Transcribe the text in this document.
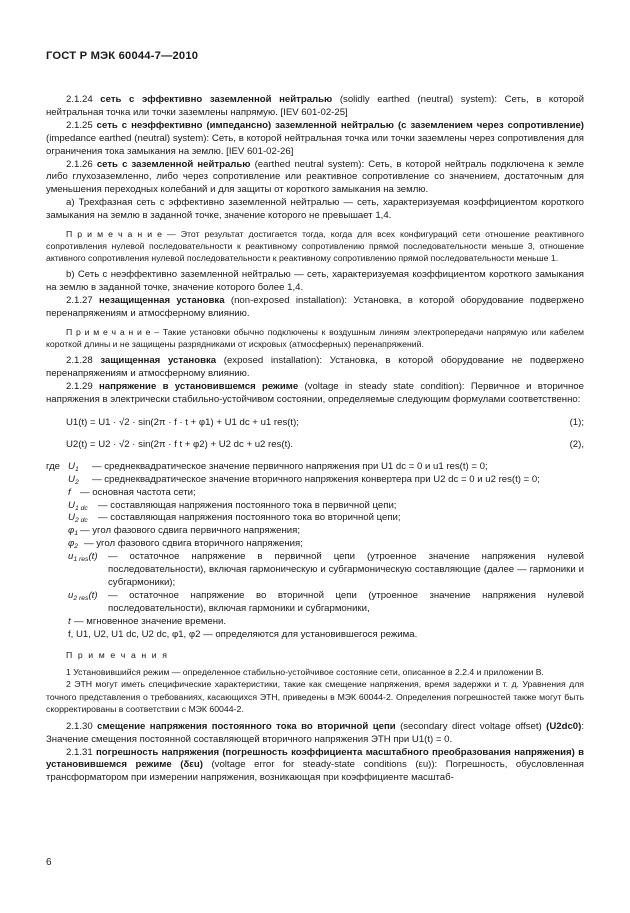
ГОСТ Р МЭК 60044-7—2010

2.1.24 сеть с эффективно заземленной нейтралью (solidly earthed (neutral) system): Сеть, в которой нейтральная точка или точки заземлены напрямую. [IEV 601-02-25]

2.1.25 сеть с неэффективно (импедансно) заземленной нейтралью (с заземлением через сопротивление) (impedance earthed (neutral) system): Сеть, в которой нейтральная точка или точки заземлены через сопротивления для ограничения тока замыкания на землю. [IEV 601-02-26]

2.1.26 сеть с заземленной нейтралью (earthed neutral system): Сеть, в которой нейтраль подключена к земле либо глухозаземленно, либо через сопротивление или реактивное сопротивление со значением, достаточным для уменьшения переходных колебаний и для защиты от короткого замыкания на землю.

a) Трехфазная сеть с эффективно заземленной нейтралью — сеть, характеризуемая коэффициентом короткого замыкания на землю в заданной точке, значение которого не превышает 1,4.

П р и м е ч а н и е — Этот результат достигается тогда, когда для всех конфигураций сети отношение реактивного сопротивления нулевой последовательности к реактивному сопротивлению прямой последовательности меньше 3, отношение активного сопротивления нулевой последовательности к реактивному сопротивлению прямой последовательности меньше 1.

b) Сеть с неэффективно заземленной нейтралью — сеть, характеризуемая коэффициентом короткого замыкания на землю в заданной точке, значение которого более 1,4.

2.1.27 незащищенная установка (non-exposed installation): Установка, в которой оборудование подвержено перенапряжениям и атмосферному влиянию.

П р и м е ч а н и е – Такие установки обычно подключены к воздушным линиям электропередачи напрямую или кабелем короткой длины и не защищены разрядниками от искровых (атмосферных) перенапряжений.

2.1.28 защищенная установка (exposed installation): Установка, в которой оборудование не подвержено перенапряжениям и атмосферному влиянию.

2.1.29 напряжение в установившемся режиме (voltage in steady state condition): Первичное и вторичное напряжения в электрически стабильно-устойчивом состоянии, определяемые следующим формулами соответственно:

U1(t) = U1 · √2 · sin(2π · f · t + φ1) + U1 dc + u1 res(t);	(1);
U2(t) = U2 · √2 · sin(2π · f t + φ2) + U2 dc + u2 res(t).	(2),
где $U_1$	— среднеквадратическое значение первичного напряжения при U1 dc = 0 и u1 res(t) = 0;
$U_2$	— среднеквадратическое значение вторичного напряжения конвертера при U2 dc = 0 и u2 res(t) = 0;
f — основная частота сети;
$U_{1 dc}$	— составляющая напряжения постоянного тока в первичной цепи;
$U_{2 dc}$	— составляющая напряжения постоянного тока во вторичной цепи;
$\varphi_1$ — угол фазового сдвига первичного напряжения;
$\varphi_2$ — угол фазового сдвига вторичного напряжения;
$u_{1 res}(t)$	— остаточное напряжение в первичной цепи (утроенное значение напряжения нулевой последовательности), включая гармоническую и субгармоническую составляющие (далее — гармоники и субгармоники);
$u_{2 res}(t)$	— остаточное напряжение во вторичной цепи (утроенное значение напряжения нулевой последовательности), включая гармоники и субгармоники,
t — мгновенное значение времени.

f, U1, U2, U1 dc, U2 dc, φ1, φ2 — определяются для установившегося режима.

П р и м е ч а н и я

1 Установившийся режим — определенное стабильно-устойчивое состояние сети, описанное в 2.2.4 и приложении В.

2 ЭТН могут иметь специфические характеристики, такие как смещение напряжения, время задержки и т. д. Уравнения для точного представления о требованиях, касающихся ЭТН, приведены в МЭК 60044-2. Определения погрешностей также могут быть скорректированы в соответствии с МЭК 60044-2.

2.1.30 смещение напряжения постоянного тока во вторичной цепи (secondary direct voltage offset) (U2dc0): Значение смещения постоянной составляющей вторичного напряжения ЭТН при U1(t) = 0.

2.1.31 погрешность напряжения (погрешность коэффициента масштабного преобразования напряжения) в установившемся режиме (δεu) (voltage error for steady-state conditions (εu)): Погрешность, обусловленная трансформатором при измерении напряжения, возникающая при коэффициенте масштаб-

6
